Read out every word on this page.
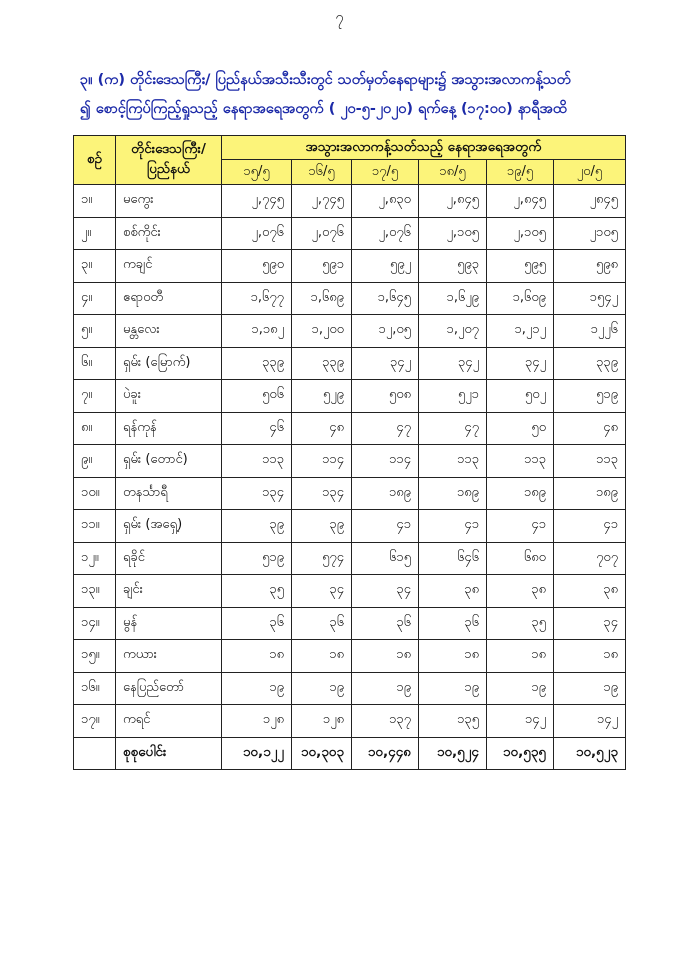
၇
၃။ (က) တိုင်းဒေသကြီး/ ပြည်နယ်အသီးသီးတွင် သတ်မှတ်နေရာများ၌ အသွားအလာကန့်သတ်
၍ စောင့်ကြပ်ကြည့်ရှုသည့် နေရာအရေအတွက် ( ၂၀-၅-၂၀၂၀) ရက်နေ့ (၁၇:၀၀) နာရီအထိ
စဉ်	တိုင်းဒေသကြီး/ ပြည်နယ်	အသွားအလာကန့်သတ်သည့် နေရာအရေအတွက်					
		၁၅/၅	၁၆/၅	၁၇/၅	၁၈/၅	၁၉/၅	၂၀/၅
၁။	မကွေး	၂,၇၄၅	၂,၇၄၅	၂,၈၃၀	၂,၈၄၅	၂,၈၄၅	၂၈၄၅
၂။	စစ်ကိုင်း	၂,၀၇၆	၂,၀၇၆	၂,၀၇၆	၂,၁၀၅	၂,၁၀၅	၂၁၀၅
၃။	ကချင်	၅၉၀	၅၉၁	၅၉၂	၅၉၃	၅၉၅	၅၉၈
၄။	ဧရာဝတီ	၁,၆၇၇	၁,၆၈၉	၁,၆၄၅	၁,၆၂၉	၁,၆၀၉	၁၅၄၂
၅။	မန္တလေး	၁,၁၈၂	၁,၂၀၀	၁၂,၀၅	၁,၂၀၇	၁,၂၁၂	၁၂၂၆
၆။	ရှမ်း (မြောက်)	၃၃၉	၃၃၉	၃၄၂	၃၄၂	၃၄၂	၃၃၉
၇။	ပဲခူး	၅၀၆	၅၂၉	၅၀၈	၅၂၁	၅၀၂	၅၁၉
၈။	ရန်ကုန်	၄၆	၄၈	၄၇	၄၇	၅၀	၄၈
၉။	ရှမ်း (တောင်)	၁၁၃	၁၁၄	၁၁၄	၁၁၃	၁၁၃	၁၁၃
၁၀။	တနင်္သာရီ	၁၃၄	၁၃၄	၁၈၉	၁၈၉	၁၈၉	၁၈၉
၁၁။	ရှမ်း (အရှေ့)	၃၉	၃၉	၄၁	၄၁	၄၁	၄၁
၁၂။	ရခိုင်	၅၁၉	၅၇၄	၆၁၅	၆၄၆	၆၈၀	၇၀၇
၁၃။	ချင်း	၃၅	၃၄	၃၄	၃၈	၃၈	၃၈
၁၄။	မွန်	၃၆	၃၆	၃၆	၃၆	၃၅	၃၄
၁၅။	ကယား	၁၈	၁၈	၁၈	၁၈	၁၈	၁၈
၁၆။	နေပြည်တော်	၁၉	၁၉	၁၉	၁၉	၁၉	၁၉
၁၇။	ကရင်	၁၂၈	၁၂၈	၁၃၇	၁၃၅	၁၄၂	၁၄၂
	စုစုပေါင်း	၁၀,၁၂၂	၁၀,၃၀၃	၁၀,၄၄၈	၁၀,၅၂၄	၁၀,၅၃၅	၁၀,၅၂၃
